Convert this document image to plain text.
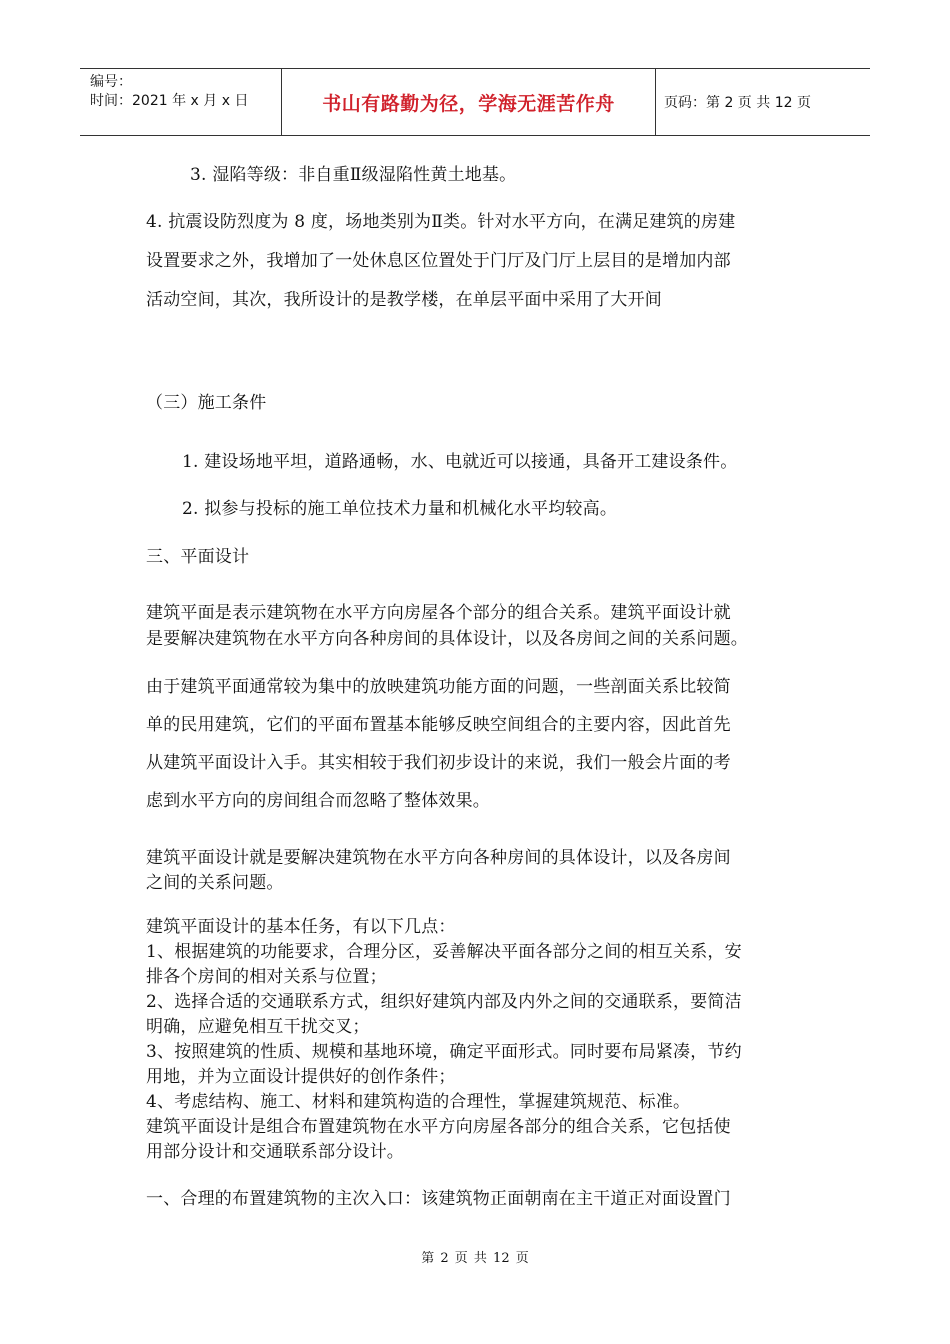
编号：
时间：2021 年 x 月 x 日	书山有路勤为径，学海无涯苦作舟	页码：第 2 页 共 12 页
3. 湿陷等级：非自重Ⅱ级湿陷性黄土地基。
4. 抗震设防烈度为 8 度，场地类别为Ⅱ类。针对水平方向，在满足建筑的房建
设置要求之外，我增加了一处休息区位置处于门厅及门厅上层目的是增加内部
活动空间，其次，我所设计的是教学楼，在单层平面中采用了大开间
（三）施工条件
1. 建设场地平坦，道路通畅，水、电就近可以接通，具备开工建设条件。
2. 拟参与投标的施工单位技术力量和机械化水平均较高。
三、平面设计
建筑平面是表示建筑物在水平方向房屋各个部分的组合关系。建筑平面设计就
是要解决建筑物在水平方向各种房间的具体设计，以及各房间之间的关系问题。
由于建筑平面通常较为集中的放映建筑功能方面的问题，一些剖面关系比较简
单的民用建筑，它们的平面布置基本能够反映空间组合的主要内容，因此首先
从建筑平面设计入手。其实相较于我们初步设计的来说，我们一般会片面的考
虑到水平方向的房间组合而忽略了整体效果。
建筑平面设计就是要解决建筑物在水平方向各种房间的具体设计，以及各房间
之间的关系问题。
建筑平面设计的基本任务，有以下几点：
1、根据建筑的功能要求，合理分区，妥善解决平面各部分之间的相互关系，安
排各个房间的相对关系与位置；
2、选择合适的交通联系方式，组织好建筑内部及内外之间的交通联系，要简洁
明确，应避免相互干扰交叉；
3、按照建筑的性质、规模和基地环境，确定平面形式。同时要布局紧凑，节约
用地，并为立面设计提供好的创作条件；
4、考虑结构、施工、材料和建筑构造的合理性，掌握建筑规范、标准。
建筑平面设计是组合布置建筑物在水平方向房屋各部分的组合关系，它包括使
用部分设计和交通联系部分设计。
一、合理的布置建筑物的主次入口：该建筑物正面朝南在主干道正对面设置门
第 2 页 共 12 页
